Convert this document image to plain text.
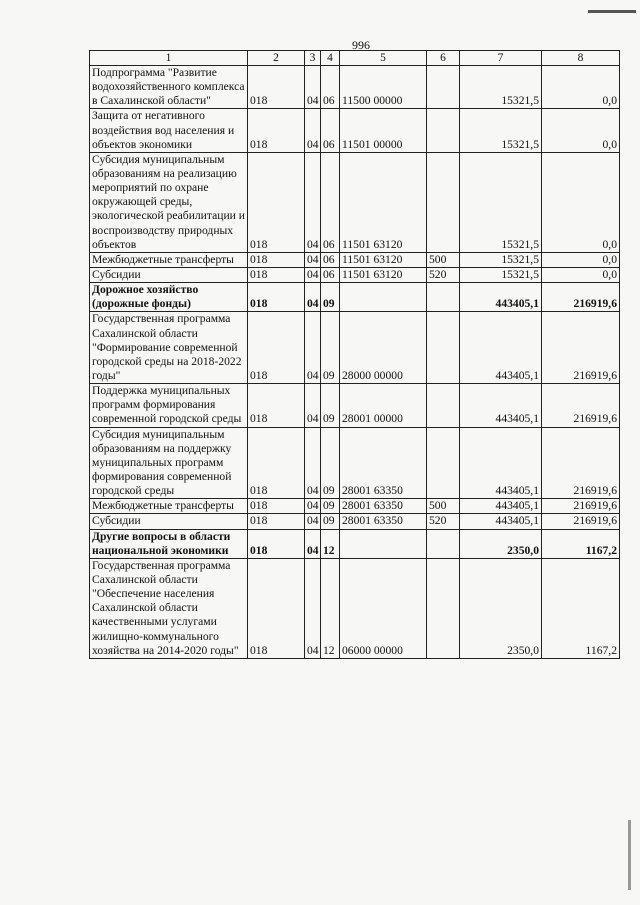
996
1	2	3	4	5	6	7	8
Подпрограмма "Развитие водохозяйственного комплекса в Сахалинской области"	018	04	06	11500 00000		15321,5	0,0
Защита от негативного воздействия вод населения и объектов экономики	018	04	06	11501 00000		15321,5	0,0
Субсидия муниципальным образованиям на реализацию мероприятий по охране окружающей среды, экологической реабилитации и воспроизводству природных объектов	018	04	06	11501 63120		15321,5	0,0
Межбюджетные трансферты	018	04	06	11501 63120	500	15321,5	0,0
Субсидии	018	04	06	11501 63120	520	15321,5	0,0
Дорожное хозяйство (дорожные фонды)	018	04	09			443405,1	216919,6
Государственная программа Сахалинской области "Формирование современной городской среды на 2018-2022 годы"	018	04	09	28000 00000		443405,1	216919,6
Поддержка муниципальных программ формирования современной городской среды	018	04	09	28001 00000		443405,1	216919,6
Субсидия муниципальным образованиям на поддержку муниципальных программ формирования современной городской среды	018	04	09	28001 63350		443405,1	216919,6
Межбюджетные трансферты	018	04	09	28001 63350	500	443405,1	216919,6
Субсидии	018	04	09	28001 63350	520	443405,1	216919,6
Другие вопросы в области национальной экономики	018	04	12			2350,0	1167,2
Государственная программа Сахалинской области "Обеспечение населения Сахалинской области качественными услугами жилищно-коммунального хозяйства на 2014-2020 годы"	018	04	12	06000 00000		2350,0	1167,2
